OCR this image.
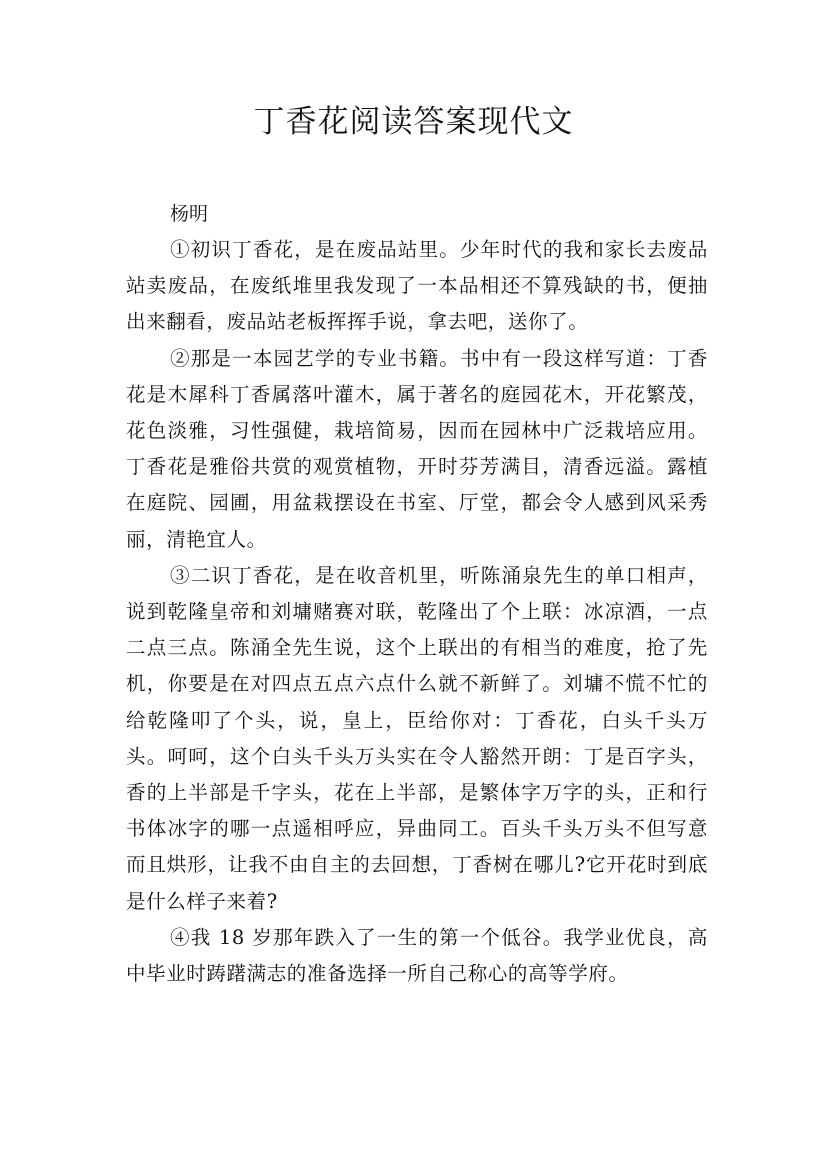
丁香花阅读答案现代文

杨明

①初识丁香花，是在废品站里。少年时代的我和家长去废品站卖废品，在废纸堆里我发现了一本品相还不算残缺的书，便抽出来翻看，废品站老板挥挥手说，拿去吧，送你了。

②那是一本园艺学的专业书籍。书中有一段这样写道：丁香花是木犀科丁香属落叶灌木，属于著名的庭园花木，开花繁茂，花色淡雅，习性强健，栽培简易，因而在园林中广泛栽培应用。丁香花是雅俗共赏的观赏植物，开时芬芳满目，清香远溢。露植在庭院、园圃，用盆栽摆设在书室、厅堂，都会令人感到风采秀丽，清艳宜人。

③二识丁香花，是在收音机里，听陈涌泉先生的单口相声，说到乾隆皇帝和刘墉赌赛对联，乾隆出了个上联：冰凉酒，一点二点三点。陈涌全先生说，这个上联出的有相当的难度，抢了先机，你要是在对四点五点六点什么就不新鲜了。刘墉不慌不忙的给乾隆叩了个头，说，皇上，臣给你对：丁香花，白头千头万头。呵呵，这个白头千头万头实在令人豁然开朗：丁是百字头，香的上半部是千字头，花在上半部，是繁体字万字的头，正和行书体冰字的哪一点遥相呼应，异曲同工。百头千头万头不但写意而且烘形，让我不由自主的去回想，丁香树在哪儿?它开花时到底是什么样子来着?

④我 18 岁那年跌入了一生的第一个低谷。我学业优良，高中毕业时踌躇满志的准备选择一所自己称心的高等学府。
